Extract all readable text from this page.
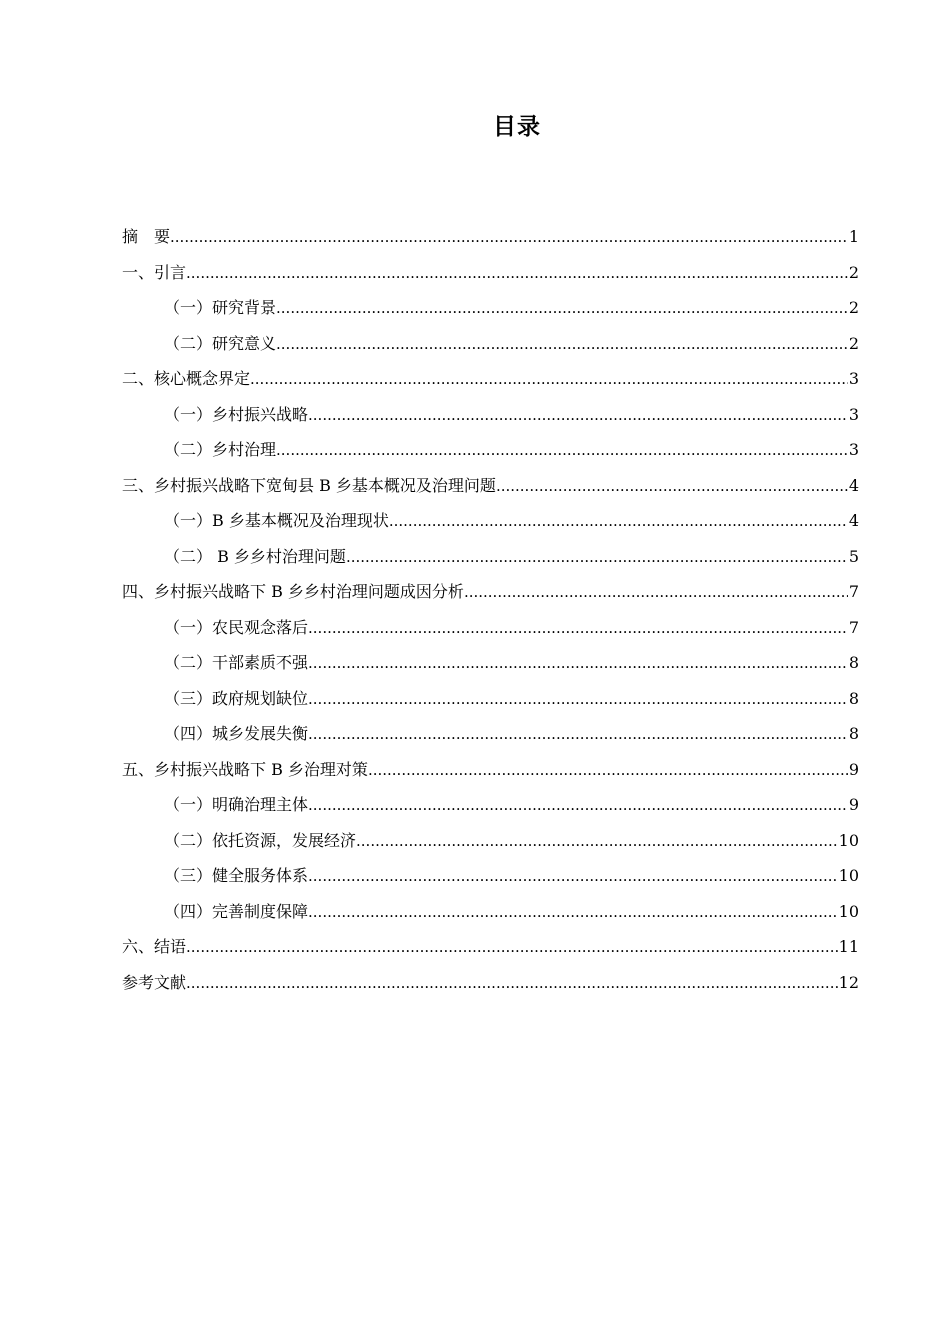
目录
摘　要 .....	1
一、引言 .....	2
（一）研究背景 .....	2
（二）研究意义 .....	2
二、核心概念界定 .....	3
（一）乡村振兴战略 .....	3
（二）乡村治理 .....	3
三、乡村振兴战略下宽甸县 B 乡基本概况及治理问题 .....	4
（一）B 乡基本概况及治理现状 .....	4
（二） B 乡乡村治理问题 .....	5
四、乡村振兴战略下 B 乡乡村治理问题成因分析 .....	7
（一）农民观念落后 .....	7
（二）干部素质不强 .....	8
（三）政府规划缺位 .....	8
（四）城乡发展失衡 .....	8
五、乡村振兴战略下 B 乡治理对策 .....	9
（一）明确治理主体 .....	9
（二）依托资源，发展经济 .....	10
（三）健全服务体系 .....	10
（四）完善制度保障 .....	10
六、结语 .....	11
参考文献 .....	12
